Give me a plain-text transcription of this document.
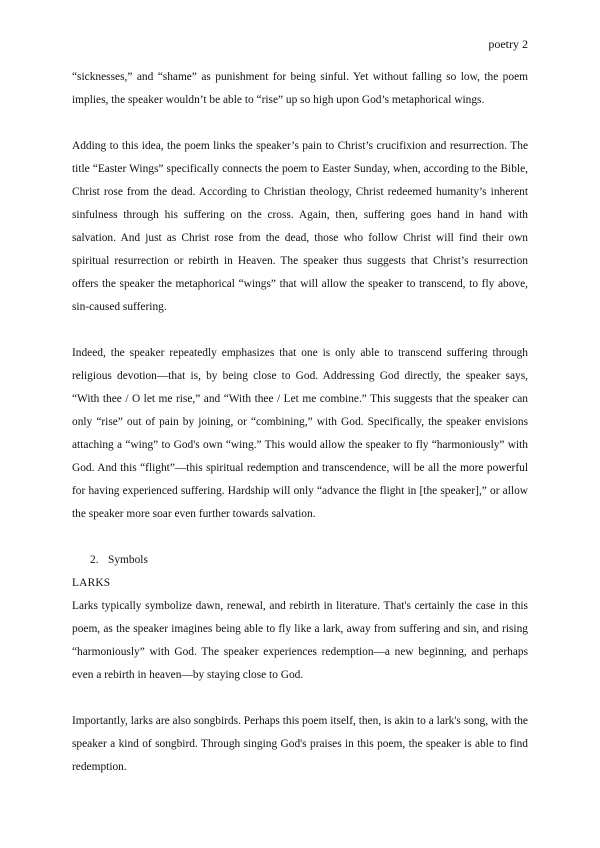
poetry 2

“sicknesses,” and “shame” as punishment for being sinful. Yet without falling so low, the poem implies, the speaker wouldn’t be able to “rise” up so high upon God’s metaphorical wings.

Adding to this idea, the poem links the speaker’s pain to Christ’s crucifixion and resurrection. The title “Easter Wings” specifically connects the poem to Easter Sunday, when, according to the Bible, Christ rose from the dead. According to Christian theology, Christ redeemed humanity’s inherent sinfulness through his suffering on the cross. Again, then, suffering goes hand in hand with salvation. And just as Christ rose from the dead, those who follow Christ will find their own spiritual resurrection or rebirth in Heaven. The speaker thus suggests that Christ’s resurrection offers the speaker the metaphorical “wings” that will allow the speaker to transcend, to fly above, sin-caused suffering.

Indeed, the speaker repeatedly emphasizes that one is only able to transcend suffering through religious devotion—that is, by being close to God. Addressing God directly, the speaker says, “With thee / O let me rise,” and “With thee / Let me combine.” This suggests that the speaker can only “rise” out of pain by joining, or “combining,” with God. Specifically, the speaker envisions attaching a “wing” to God's own “wing.” This would allow the speaker to fly “harmoniously” with God. And this “flight”—this spiritual redemption and transcendence, will be all the more powerful for having experienced suffering. Hardship will only “advance the flight in [the speaker],” or allow the speaker more soar even further towards salvation.

2. Symbols
LARKS

Larks typically symbolize dawn, renewal, and rebirth in literature. That's certainly the case in this poem, as the speaker imagines being able to fly like a lark, away from suffering and sin, and rising “harmoniously” with God. The speaker experiences redemption—a new beginning, and perhaps even a rebirth in heaven—by staying close to God.

Importantly, larks are also songbirds. Perhaps this poem itself, then, is akin to a lark's song, with the speaker a kind of songbird. Through singing God's praises in this poem, the speaker is able to find redemption.
